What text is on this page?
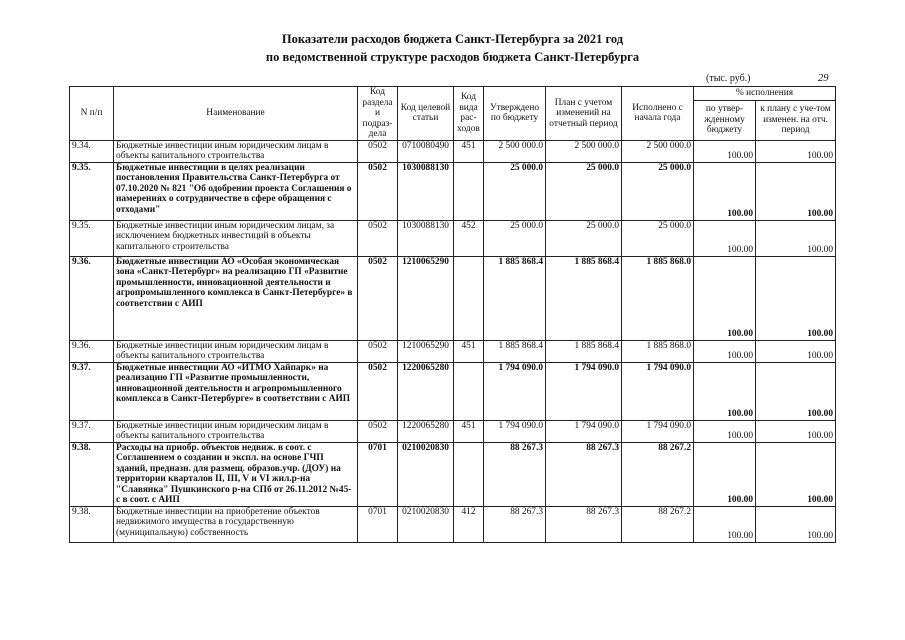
Показатели расходов бюджета Санкт-Петербурга за 2021 год
по ведомственной структуре расходов бюджета Санкт-Петербурга
(тыс. руб.)	29
N п/п	Наименование	Код раздела и подраз-дела	Код целевой статьи	Код вида рас-ходов	Утверждено по бюджету	План с учетом изменений на отчетный период	Исполнено с начала года	% исполнения	
								по утвер-жденному бюджету	к плану с уче-том изменен. на отч. период
9.34.	Бюджетные инвестиции иным юридическим лицам в объекты капитального строительства	0502	0710080490	451	2 500 000.0	2 500 000.0	2 500 000.0	100.00	100.00
9.35.	Бюджетные инвестиции в целях реализации постановления Правительства Санкт-Петербурга от 07.10.2020 № 821 "Об одобрении проекта Соглашения о намерениях о сотрудничестве в сфере обращения с отходами"	0502	1030088130		25 000.0	25 000.0	25 000.0	100.00	100.00
9.35.	Бюджетные инвестиции иным юридическим лицам, за исключением бюджетных инвестиций в объекты капитального строительства	0502	1030088130	452	25 000.0	25 000.0	25 000.0	100.00	100.00
9.36.	Бюджетные инвестиции АО «Особая экономическая зона «Санкт-Петербург» на реализацию ГП «Развитие промышленности, инновационной деятельности и агропромышленного комплекса в Санкт-Петербурге» в соответствии с АИП	0502	1210065290		1 885 868.4	1 885 868.4	1 885 868.0	100.00	100.00
9.36.	Бюджетные инвестиции иным юридическим лицам в объекты капитального строительства	0502	1210065290	451	1 885 868.4	1 885 868.4	1 885 868.0	100.00	100.00
9.37.	Бюджетные инвестиции АО «ИТМО Хайпарк» на реализацию ГП «Развитие промышленности, инновационной деятельности и агропромышленного комплекса в Санкт-Петербурге» в соответствии с АИП	0502	1220065280		1 794 090.0	1 794 090.0	1 794 090.0	100.00	100.00
9.37.	Бюджетные инвестиции иным юридическим лицам в объекты капитального строительства	0502	1220065280	451	1 794 090.0	1 794 090.0	1 794 090.0	100.00	100.00
9.38.	Расходы на приобр. объектов недвиж. в соот. с Соглашением о создании и экспл. на основе ГЧП зданий, предназн. для размещ. образов.учр. (ДОУ) на территории кварталов II, III, V и VI жил.р-на "Славянка" Пушкинского р-на СПб от 26.11.2012 №45-с в соот. с АИП	0701	0210020830		88 267.3	88 267.3	88 267.2	100.00	100.00
9.38.	Бюджетные инвестиции на приобретение объектов недвижимого имущества в государственную (муниципальную) собственность	0701	0210020830	412	88 267.3	88 267.3	88 267.2	100.00	100.00
